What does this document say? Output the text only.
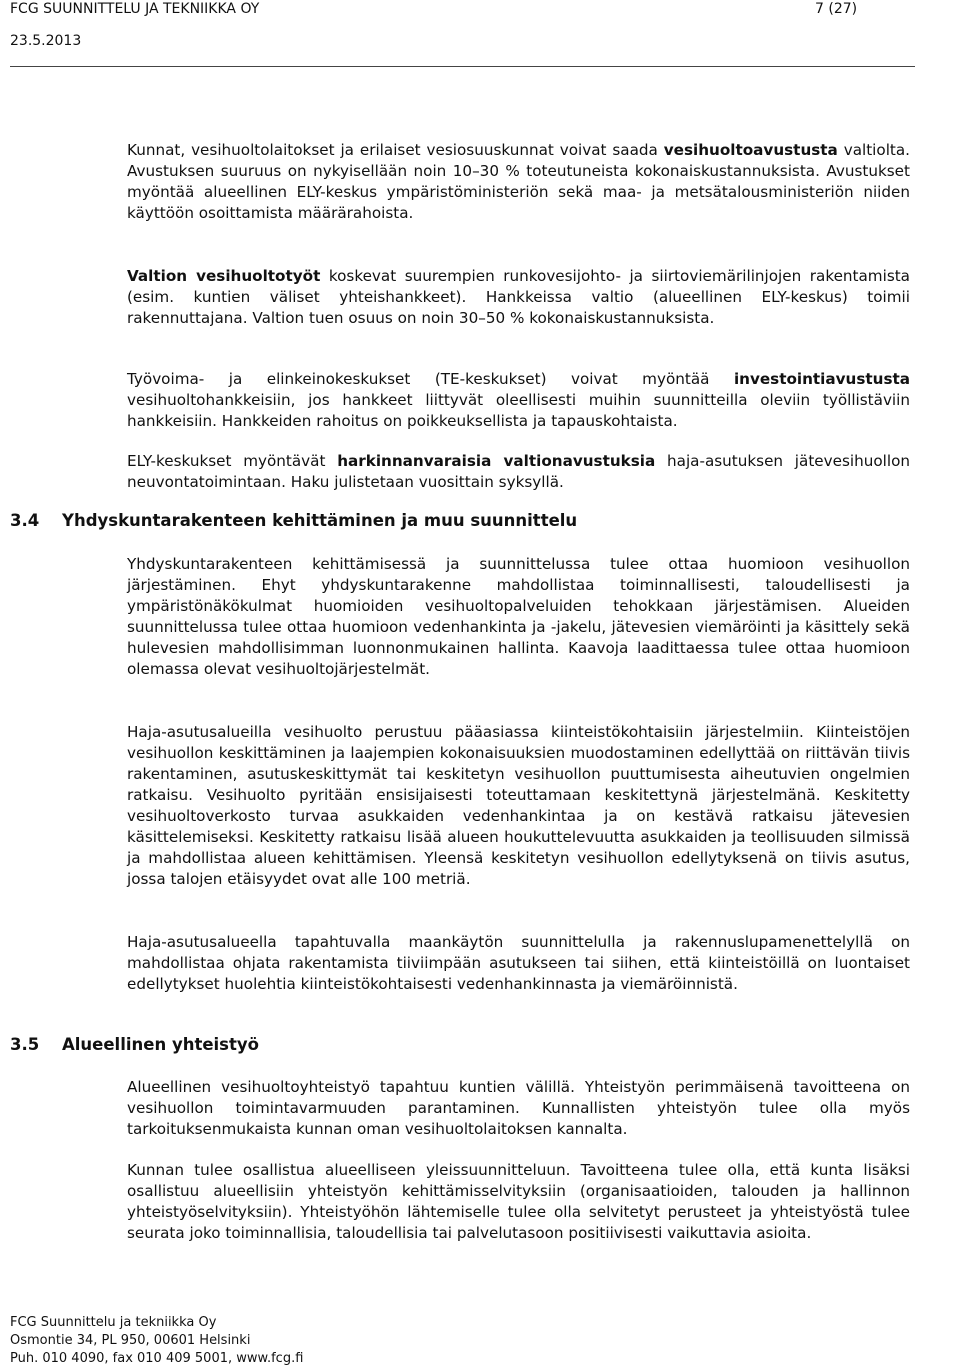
FCG SUUNNITTELU JA TEKNIIKKA OY
23.5.2013
7 (27)

Kunnat, vesihuoltolaitokset ja erilaiset vesiosuuskunnat voivat saada vesihuoltoavustusta valtiolta. Avustuksen suuruus on nykyisellään noin 10–30 % toteutuneista kokonaiskustannuksista. Avustukset myöntää alueellinen ELY-keskus ympäristöministeriön sekä maa- ja metsätalousministeriön niiden käyttöön osoittamista määrärahoista.

Valtion vesihuoltotyöt koskevat suurempien runkovesijohto- ja siirtoviemärilinjojen rakentamista (esim. kuntien väliset yhteishankkeet). Hankkeissa valtio (alueellinen ELY-keskus) toimii rakennuttajana. Valtion tuen osuus on noin 30–50 % kokonaiskustannuksista.

Työvoima- ja elinkeinokeskukset (TE-keskukset) voivat myöntää investointiavustusta vesihuoltohankkeisiin, jos hankkeet liittyvät oleellisesti muihin suunnitteilla oleviin työllistäviin hankkeisiin. Hankkeiden rahoitus on poikkeuksellista ja tapauskohtaista.

ELY-keskukset myöntävät harkinnanvaraisia valtionavustuksia haja-asutuksen jätevesihuollon neuvontatoimintaan. Haku julistetaan vuosittain syksyllä.

3.4 Yhdyskuntarakenteen kehittäminen ja muu suunnittelu

Yhdyskuntarakenteen kehittämisessä ja suunnittelussa tulee ottaa huomioon vesihuollon järjestäminen. Ehyt yhdyskuntarakenne mahdollistaa toiminnallisesti, taloudellisesti ja ympäristönäkökulmat huomioiden vesihuoltopalveluiden tehokkaan järjestämisen. Alueiden suunnittelussa tulee ottaa huomioon vedenhankinta ja -jakelu, jätevesien viemäröinti ja käsittely sekä hulevesien mahdollisimman luonnonmukainen hallinta. Kaavoja laadittaessa tulee ottaa huomioon olemassa olevat vesihuoltojärjestelmät.

Haja-asutusalueilla vesihuolto perustuu pääasiassa kiinteistökohtaisiin järjestelmiin. Kiinteistöjen vesihuollon keskittäminen ja laajempien kokonaisuuksien muodostaminen edellyttää on riittävän tiivis rakentaminen, asutuskeskittymät tai keskitetyn vesihuollon puuttumisesta aiheutuvien ongelmien ratkaisu. Vesihuolto pyritään ensisijaisesti toteuttamaan keskitettynä järjestelmänä. Keskitetty vesihuoltoverkosto turvaa asukkaiden vedenhankintaa ja on kestävä ratkaisu jätevesien käsittelemiseksi. Keskitetty ratkaisu lisää alueen houkuttelevuutta asukkaiden ja teollisuuden silmissä ja mahdollistaa alueen kehittämisen. Yleensä keskitetyn vesihuollon edellytyksenä on tiivis asutus, jossa talojen etäisyydet ovat alle 100 metriä.

Haja-asutusalueella tapahtuvalla maankäytön suunnittelulla ja rakennuslupamenettelyllä on mahdollistaa ohjata rakentamista tiiviimpään asutukseen tai siihen, että kiinteistöillä on luontaiset edellytykset huolehtia kiinteistökohtaisesti vedenhankinnasta ja viemäröinnistä.

3.5 Alueellinen yhteistyö

Alueellinen vesihuoltoyhteistyö tapahtuu kuntien välillä. Yhteistyön perimmäisenä tavoitteena on vesihuollon toimintavarmuuden parantaminen. Kunnallisten yhteistyön tulee olla myös tarkoituksenmukaista kunnan oman vesihuoltolaitoksen kannalta.

Kunnan tulee osallistua alueelliseen yleissuunnitteluun. Tavoitteena tulee olla, että kunta lisäksi osallistuu alueellisiin yhteistyön kehittämisselvityksiin (organisaatioiden, talouden ja hallinnon yhteistyöselvityksiin). Yhteistyöhön lähtemiselle tulee olla selvitetyt perusteet ja yhteistyöstä tulee seurata joko toiminnallisia, taloudellisia tai palvelutasoon positiivisesti vaikuttavia asioita.

FCG Suunnittelu ja tekniikka Oy
Osmontie 34, PL 950, 00601 Helsinki
Puh. 010 4090, fax 010 409 5001, www.fcg.fi
